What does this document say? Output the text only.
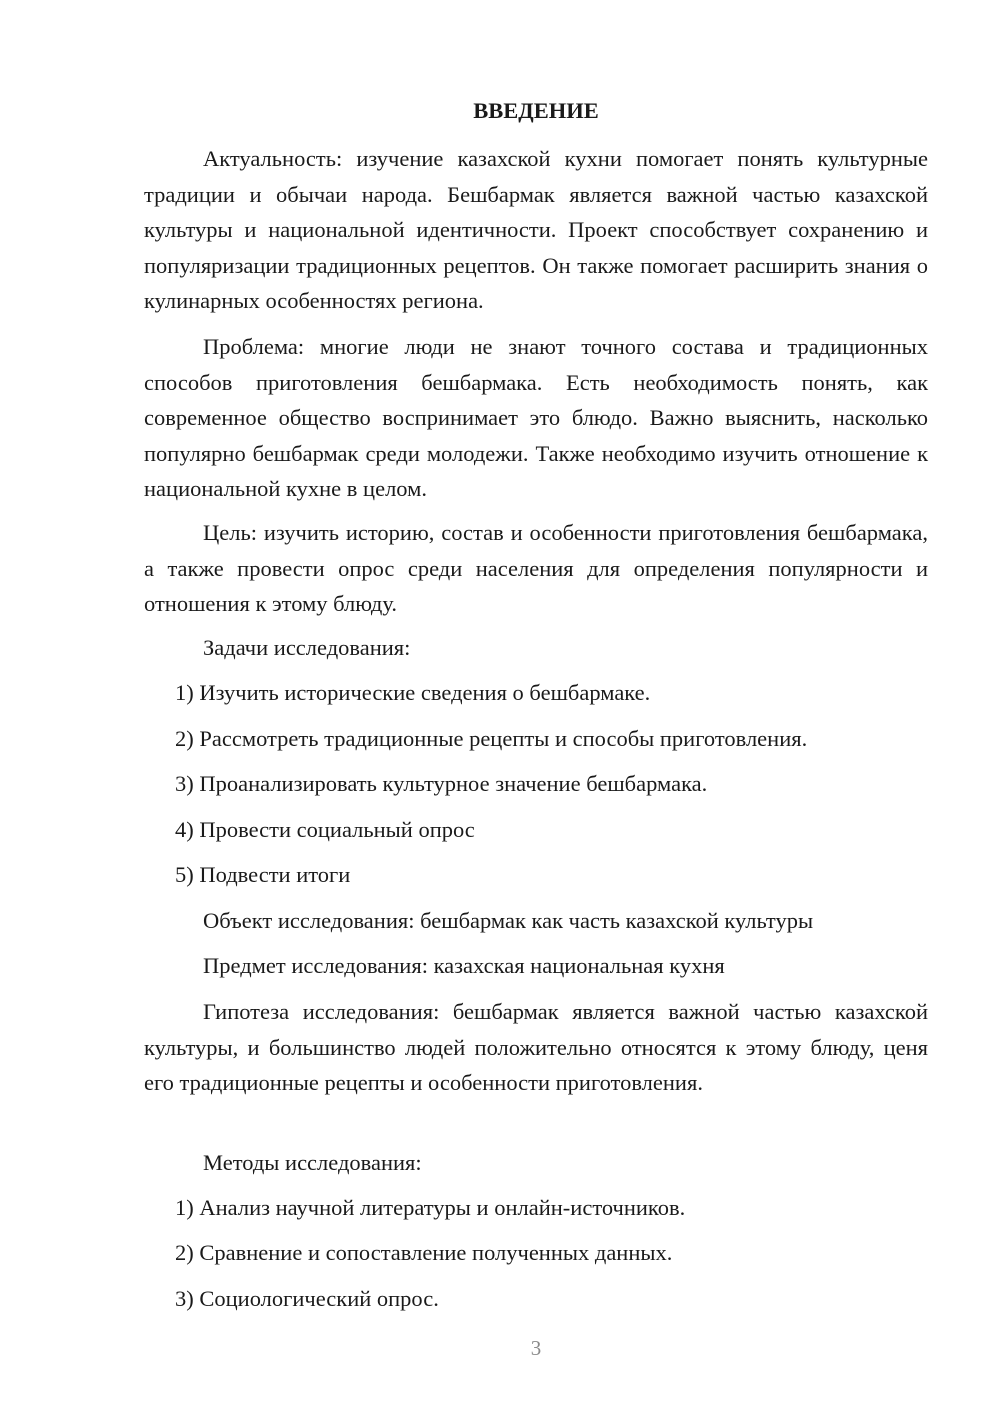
ВВЕДЕНИЕ

Актуальность: изучение казахской кухни помогает понять культурные традиции и обычаи народа. Бешбармак является важной частью казахской культуры и национальной идентичности. Проект способствует сохранению и популяризации традиционных рецептов. Он также помогает расширить знания о кулинарных особенностях региона.

Проблема: многие люди не знают точного состава и традиционных способов приготовления бешбармака. Есть необходимость понять, как современное общество воспринимает это блюдо. Важно выяснить, насколько популярно бешбармак среди молодежи. Также необходимо изучить отношение к национальной кухне в целом.

Цель: изучить историю, состав и особенности приготовления бешбармака, а также провести опрос среди населения для определения популярности и отношения к этому блюду.

Задачи исследования:

1) Изучить исторические сведения о бешбармаке.

2) Рассмотреть традиционные рецепты и способы приготовления.

3) Проанализировать культурное значение бешбармака.

4) Провести социальный опрос

5) Подвести итоги

Объект исследования: бешбармак как часть казахской культуры

Предмет исследования: казахская национальная кухня

Гипотеза исследования: бешбармак является важной частью казахской культуры, и большинство людей положительно относятся к этому блюду, ценя его традиционные рецепты и особенности приготовления.

Методы исследования:

1) Анализ научной литературы и онлайн-источников.

2) Сравнение и сопоставление полученных данных.

3) Социологический опрос.

3
